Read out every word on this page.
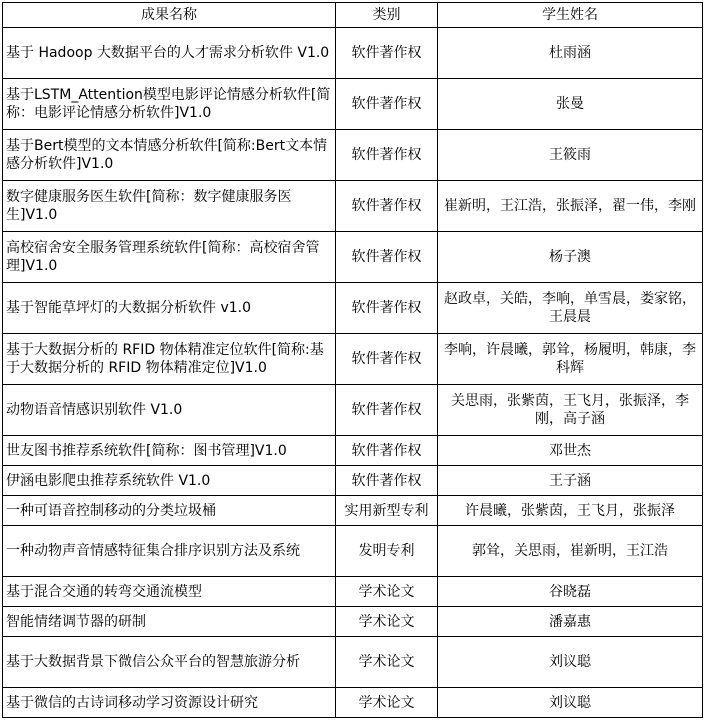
成果名称	类别	学生姓名
基于 Hadoop 大数据平台的人才需求分析软件 V1.0	软件著作权	杜雨涵
基于LSTM_Attention模型电影评论情感分析软件[简称：电影评论情感分析软件]V1.0	软件著作权	张曼
基于Bert模型的文本情感分析软件[简称:Bert文本情感分析软件]V1.0	软件著作权	王筱雨
数字健康服务医生软件[简称：数字健康服务医生]V1.0	软件著作权	崔新明，王江浩，张振泽，翟一伟，李刚
高校宿舍安全服务管理系统软件[简称：高校宿舍管理]V1.0	软件著作权	杨子澳
基于智能草坪灯的大数据分析软件 v1.0	软件著作权	赵政卓，关皓，李响，单雪晨，娄家铭，王晨晨
基于大数据分析的 RFID 物体精准定位软件[简称:基于大数据分析的 RFID 物体精准定位]V1.0	软件著作权	李响，许晨曦，郭耸，杨履明，韩康，李科辉
动物语音情感识别软件 V1.0	软件著作权	关思雨，张紫茵，王飞月，张振泽，李刚，高子涵
世友图书推荐系统软件[简称：图书管理]V1.0	软件著作权	邓世杰
伊涵电影爬虫推荐系统软件 V1.0	软件著作权	王子涵
一种可语音控制移动的分类垃圾桶	实用新型专利	许晨曦，张紫茵，王飞月，张振泽
一种动物声音情感特征集合排序识别方法及系统	发明专利	郭耸，关思雨，崔新明，王江浩
基于混合交通的转弯交通流模型	学术论文	谷晓磊
智能情绪调节器的研制	学术论文	潘嘉惠
基于大数据背景下微信公众平台的智慧旅游分析	学术论文	刘议聪
基于微信的古诗词移动学习资源设计研究	学术论文	刘议聪
